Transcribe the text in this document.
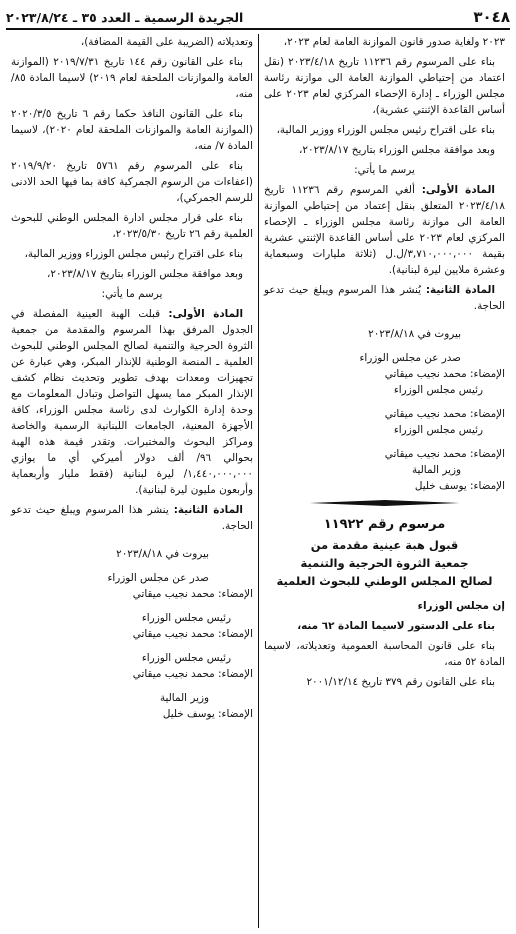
٣٠٤٨
الجريدة الرسمية ـ العدد ٣٥ ـ ٢٠٢٣/٨/٢٤

٢٠٢٣ ولغاية صدور قانون الموازنة العامة لعام ٢٠٢٣،

بناء على المرسوم رقم ١١٢٣٦ تاريخ ٢٠٢٣/٤/١٨ (نقل اعتماد من إحتياطي الموازنة العامة الى موازنة رئاسة مجلس الوزراء ـ إدارة الإحصاء المركزي لعام ٢٠٢٣ على أساس القاعدة الإثنتي عشرية)،

بناء على اقتراح رئيس مجلس الوزراء ووزير المالية،

وبعد موافقة مجلس الوزراء بتاريخ ٢٠٢٣/٨/١٧،

يرسم ما يأتي:

المادة الأولى: ألغي المرسوم رقم ١١٢٣٦ تاريخ ٢٠٢٣/٤/١٨ المتعلق بنقل إعتماد من إحتياطي الموازنة العامة الى موازنة رئاسة مجلس الوزراء ـ الإحصاء المركزي لعام ٢٠٢٣ على أساس القاعدة الإثنتي عشرية بقيمة ٣,٧١٠,٠٠٠,٠٠٠/ل.ل (ثلاثة مليارات وسبعماية وعشرة ملايين ليرة لبنانية).

المادة الثانية: يُنشر هذا المرسوم ويبلغ حيث تدعو الحاجة.

بيروت في ٢٠٢٣/٨/١٨

صدر عن مجلس الوزراء

الإمضاء: محمد نجيب ميقاتي

رئيس مجلس الوزراء

الإمضاء: محمد نجيب ميقاتي

رئيس مجلس الوزراء

الإمضاء: محمد نجيب ميقاتي

وزير المالية

الإمضاء: يوسف خليل

مرسوم رقم ١١٩٢٢

قبول هبة عينية مقدمة من

جمعية الثروة الحرجية والتنمية

لصالح المجلس الوطني للبحوث العلمية

إن مجلس الوزراء

بناء على الدستور لاسيما المادة ٦٢ منه،

بناء على قانون المحاسبة العمومية وتعديلاته، لاسيما المادة ٥٢ منه،

بناء على القانون رقم ٣٧٩ تاريخ ٢٠٠١/١٢/١٤

وتعديلاته (الضريبة على القيمة المضافة)،

بناء على القانون رقم ١٤٤ تاريخ ٢٠١٩/٧/٣١ (الموازنة العامة والموازنات الملحقة لعام ٢٠١٩) لاسيما المادة ٨٥/ منه،

بناء على القانون النافذ حكما رقم ٦ تاريخ ٢٠٢٠/٣/٥ (الموازنة العامة والموازنات الملحقة لعام ٢٠٢٠)، لاسيما المادة ٧/ منه،

بناء على المرسوم رقم ٥٧٦١ تاريخ ٢٠١٩/٩/٢٠ (اعفاءات من الرسوم الجمركية كافة بما فيها الحد الادنى للرسم الجمركي)،

بناء على قرار مجلس ادارة المجلس الوطني للبحوث العلمية رقم ٢٦ تاريخ ٢٠٢٣/٥/٣٠،

بناء على اقتراح رئيس مجلس الوزراء ووزير المالية،

وبعد موافقة مجلس الوزراء بتاريخ ٢٠٢٣/٨/١٧،

يرسم ما يأتي:

المادة الأولى: قبلت الهبة العينية المفصلة في الجدول المرفق بهذا المرسوم والمقدمة من جمعية الثروة الحرجية والتنمية لصالح المجلس الوطني للبحوث العلمية ـ المنصة الوطنية للإنذار المبكر، وهي عبارة عن تجهيزات ومعدات بهدف تطوير وتحديث نظام كشف الإنذار المبكر مما يسهل التواصل وتبادل المعلومات مع وحدة إدارة الكوارث لدى رئاسة مجلس الوزراء، كافة الأجهزة المعنية، الجامعات اللبنانية الرسمية والخاصة ومراكز البحوث والمختبرات. وتقدر قيمة هذه الهبة بحوالي ٩٦/ ألف دولار أميركي أي ما يوازي ١,٤٤٠,٠٠٠,٠٠٠/ ليرة لبنانية (فقط مليار وأربعماية وأربعون مليون ليرة لبنانية).

المادة الثانية: ينشر هذا المرسوم ويبلغ حيث تدعو الحاجة.

بيروت في ٢٠٢٣/٨/١٨

صدر عن مجلس الوزراء

الإمضاء: محمد نجيب ميقاتي

رئيس مجلس الوزراء

الإمضاء: محمد نجيب ميقاتي

رئيس مجلس الوزراء

الإمضاء: محمد نجيب ميقاتي

وزير المالية

الإمضاء: يوسف خليل
